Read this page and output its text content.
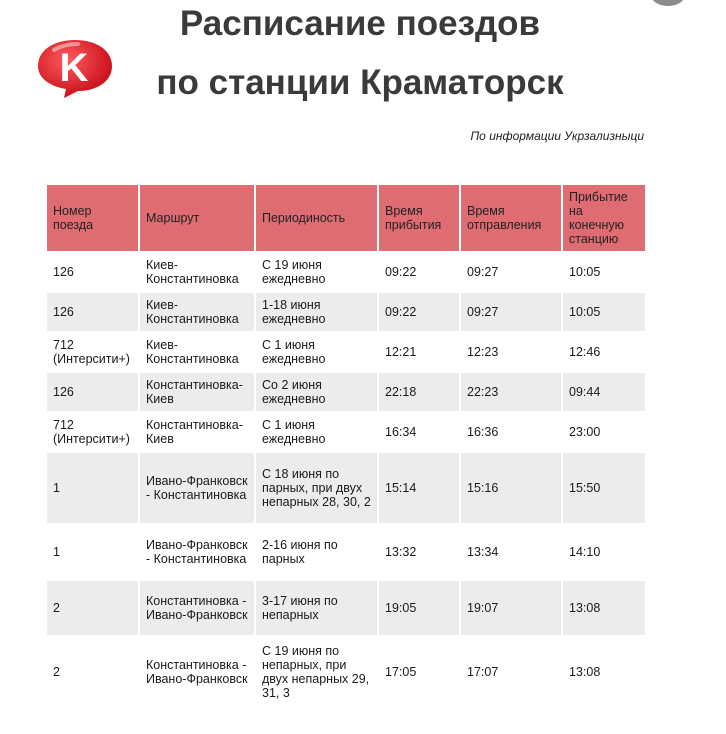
K
Расписание поездов
по станции Краматорск
По информации Укрзализныци
Номер поезда	Маршрут	Периодиность	Время прибытия	Время отправления	Прибытие на конечную станцию
126	Киев-Константиновка	С 19 июня ежедневно	09:22	09:27	10:05
126	Киев-Константиновка	1-18 июня ежедневно	09:22	09:27	10:05
712 (Интерсити+)	Киев-Константиновка	С 1 июня ежедневно	12:21	12:23	12:46
126	Константиновка-Киев	Со 2 июня ежедневно	22:18	22:23	09:44
712 (Интерсити+)	Константиновка-Киев	С 1 июня ежедневно	16:34	16:36	23:00
1	Ивано-Франковск - Константиновка	С 18 июня по парных, при двух непарных 28, 30, 2	15:14	15:16	15:50
1	Ивано-Франковск - Константиновка	2-16 июня по парных	13:32	13:34	14:10
2	Константиновка - Ивано-Франковск	3-17 июня по непарных	19:05	19:07	13:08
2	Константиновка - Ивано-Франковск	С 19 июня по непарных, при двух непарных 29, 31, 3	17:05	17:07	13:08
